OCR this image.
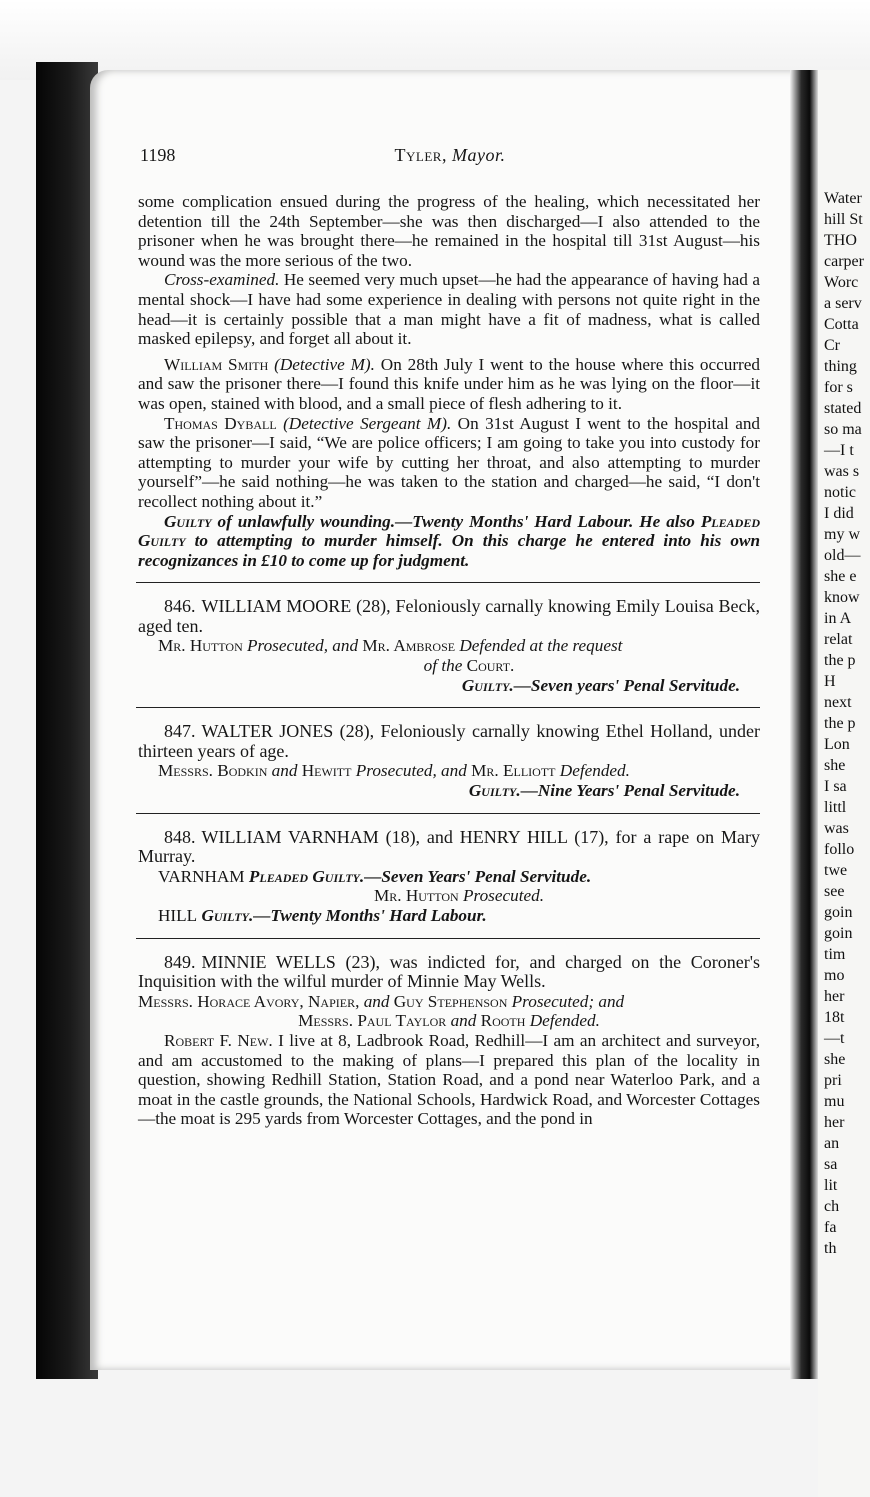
Water
hill St
THO
carper
Worc
a serv
Cotta
Cr
thing
for s
stated
so ma
—I t
was s
notic
I did
my w
old—
she e
know
in A
relat
the p
H
next
the p
Lon
she
I sa
littl
was
follo
twe
see
goin
goin
tim
mo
her
18t
—t
she
pri
mu
her
an
sa
lit
ch
fa
th
1198	Tyler, Mayor.

some complication ensued during the progress of the healing, which necessitated her detention till the 24th September—she was then discharged—I also attended to the prisoner when he was brought there—he remained in the hospital till 31st August—his wound was the more serious of the two.

Cross-examined. He seemed very much upset—he had the appearance of having had a mental shock—I have had some experience in dealing with persons not quite right in the head—it is certainly possible that a man might have a fit of madness, what is called masked epilepsy, and forget all about it.

William Smith (Detective M). On 28th July I went to the house where this occurred and saw the prisoner there—I found this knife under him as he was lying on the floor—it was open, stained with blood, and a small piece of flesh adhering to it.

Thomas Dyball (Detective Sergeant M). On 31st August I went to the hospital and saw the prisoner—I said, “We are police officers; I am going to take you into custody for attempting to murder your wife by cutting her throat, and also attempting to murder yourself”—he said nothing—he was taken to the station and charged—he said, “I don't recollect nothing about it.”

Guilty of unlawfully wounding.—Twenty Months' Hard Labour. He also Pleaded Guilty to attempting to murder himself. On this charge he entered into his own recognizances in £10 to come up for judgment.

846. WILLIAM MOORE (28), Feloniously carnally knowing Emily Louisa Beck, aged ten.

Mr. Hutton Prosecuted, and Mr. Ambrose Defended at the request

of the Court.

Guilty.—Seven years' Penal Servitude.

847. WALTER JONES (28), Feloniously carnally knowing Ethel Holland, under thirteen years of age.

Messrs. Bodkin and Hewitt Prosecuted, and Mr. Elliott Defended.

Guilty.—Nine Years' Penal Servitude.

848. WILLIAM VARNHAM (18), and HENRY HILL (17), for a rape on Mary Murray.

VARNHAM Pleaded Guilty.—Seven Years' Penal Servitude.

Mr. Hutton Prosecuted.

HILL Guilty.—Twenty Months' Hard Labour.

849. MINNIE WELLS (23), was indicted for, and charged on the Coroner's Inquisition with the wilful murder of Minnie May Wells.

Messrs. Horace Avory, Napier, and Guy Stephenson Prosecuted; and

Messrs. Paul Taylor and Rooth Defended.

Robert F. New. I live at 8, Ladbrook Road, Redhill—I am an architect and surveyor, and am accustomed to the making of plans—I prepared this plan of the locality in question, showing Redhill Station, Station Road, and a pond near Waterloo Park, and a moat in the castle grounds, the National Schools, Hardwick Road, and Worcester Cottages—the moat is 295 yards from Worcester Cottages, and the pond in
